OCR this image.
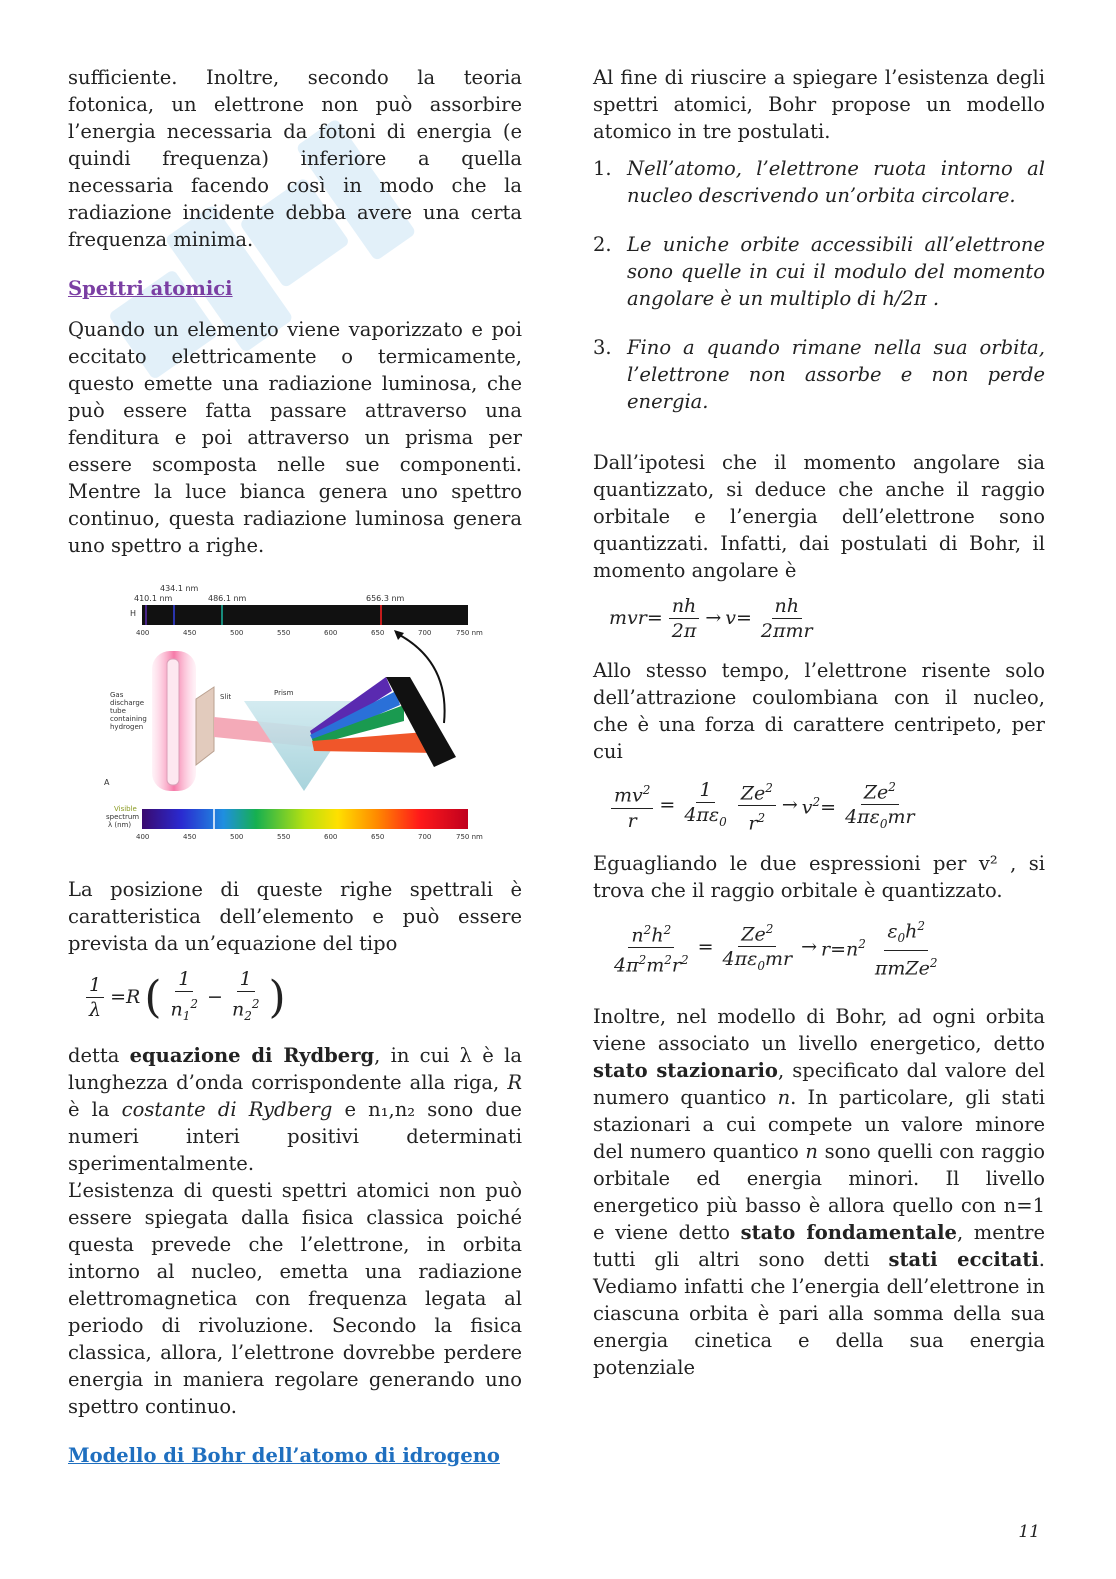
sufficiente. Inoltre, secondo la teoria fotonica, un elettrone non può assorbire l’energia necessaria da fotoni di energia (e quindi frequenza) inferiore a quella necessaria facendo così in modo che la radiazione incidente debba avere una certa frequenza minima.

Spettri atomici

Quando un elemento viene vaporizzato e poi eccitato elettricamente o termicamente, questo emette una radiazione luminosa, che può essere fatta passare attraverso una fenditura e poi attraverso un prisma per essere scomposta nelle sue componenti. Mentre la luce bianca genera uno spettro continuo, questa radiazione luminosa genera uno spettro a righe.

434.1 nm
410.1 nm	486.1 nm	656.3 nm
H
400	450	500	550	600	650	700	750 nm
Gas
discharge
tube
containing
hydrogen
Slit	Prism
A
Visible
spectrum
λ (nm)
400	450	500	550	600	650	700	750 nm

La posizione di queste righe spettrali è caratteristica dell’elemento e può essere prevista da un’equazione del tipo

$\frac{1}{\lambda} =R$ ( $\frac{1}{n_1^2} - \frac{1}{n_2^2}$ )

detta equazione di Rydberg, in cui λ è la lunghezza d’onda corrispondente alla riga, R è la costante di Rydberg e n₁,n₂ sono due numeri interi positivi determinati sperimentalmente.

L’esistenza di questi spettri atomici non può essere spiegata dalla fisica classica poiché questa prevede che l’elettrone, in orbita intorno al nucleo, emetta una radiazione elettromagnetica con frequenza legata al periodo di rivoluzione. Secondo la fisica classica, allora, l’elettrone dovrebbe perdere energia in maniera regolare generando uno spettro continuo.

Modello di Bohr dell’atomo di idrogeno

Al fine di riuscire a spiegare l’esistenza degli spettri atomici, Bohr propose un modello atomico in tre postulati.

1. Nell’atomo, l’elettrone ruota intorno al nucleo descrivendo un’orbita circolare.
2. Le uniche orbite accessibili all’elettrone sono quelle in cui il modulo del momento angolare è un multiplo di h/2π .
3. Fino a quando rimane nella sua orbita, l’elettrone non assorbe e non perde energia.

Dall’ipotesi che il momento angolare sia quantizzato, si deduce che anche il raggio orbitale e l’energia dell’elettrone sono quantizzati. Infatti, dai postulati di Bohr, il momento angolare è

$mvr= \frac{nh}{2\pi} \to v= \frac{nh}{\text{2πmr}}$

Allo stesso tempo, l’elettrone risente solo dell’attrazione coulombiana con il nucleo, che è una forza di carattere centripeto, per cui

$\frac{mv^2}{r} = \frac{1}{4\pi\varepsilon_0} \frac{Ze^2}{r^2} \to v^2= \frac{Ze^2}{4\pi\varepsilon_0mr}$

Eguagliando le due espressioni per v² , si trova che il raggio orbitale è quantizzato.

$\frac{n^2h^2}{4\pi^2m^2r^2} = \frac{Ze^2}{4\pi\varepsilon_0mr} \to r=n^2 \frac{\varepsilon_0h^2}{\pi mZe^2}$

Inoltre, nel modello di Bohr, ad ogni orbita viene associato un livello energetico, detto stato stazionario, specificato dal valore del numero quantico n. In particolare, gli stati stazionari a cui compete un valore minore del numero quantico n sono quelli con raggio orbitale ed energia minori. Il livello energetico più basso è allora quello con n=1 e viene detto stato fondamentale, mentre tutti gli altri sono detti stati eccitati. Vediamo infatti che l’energia dell’elettrone in ciascuna orbita è pari alla somma della sua energia cinetica e della sua energia potenziale

11
